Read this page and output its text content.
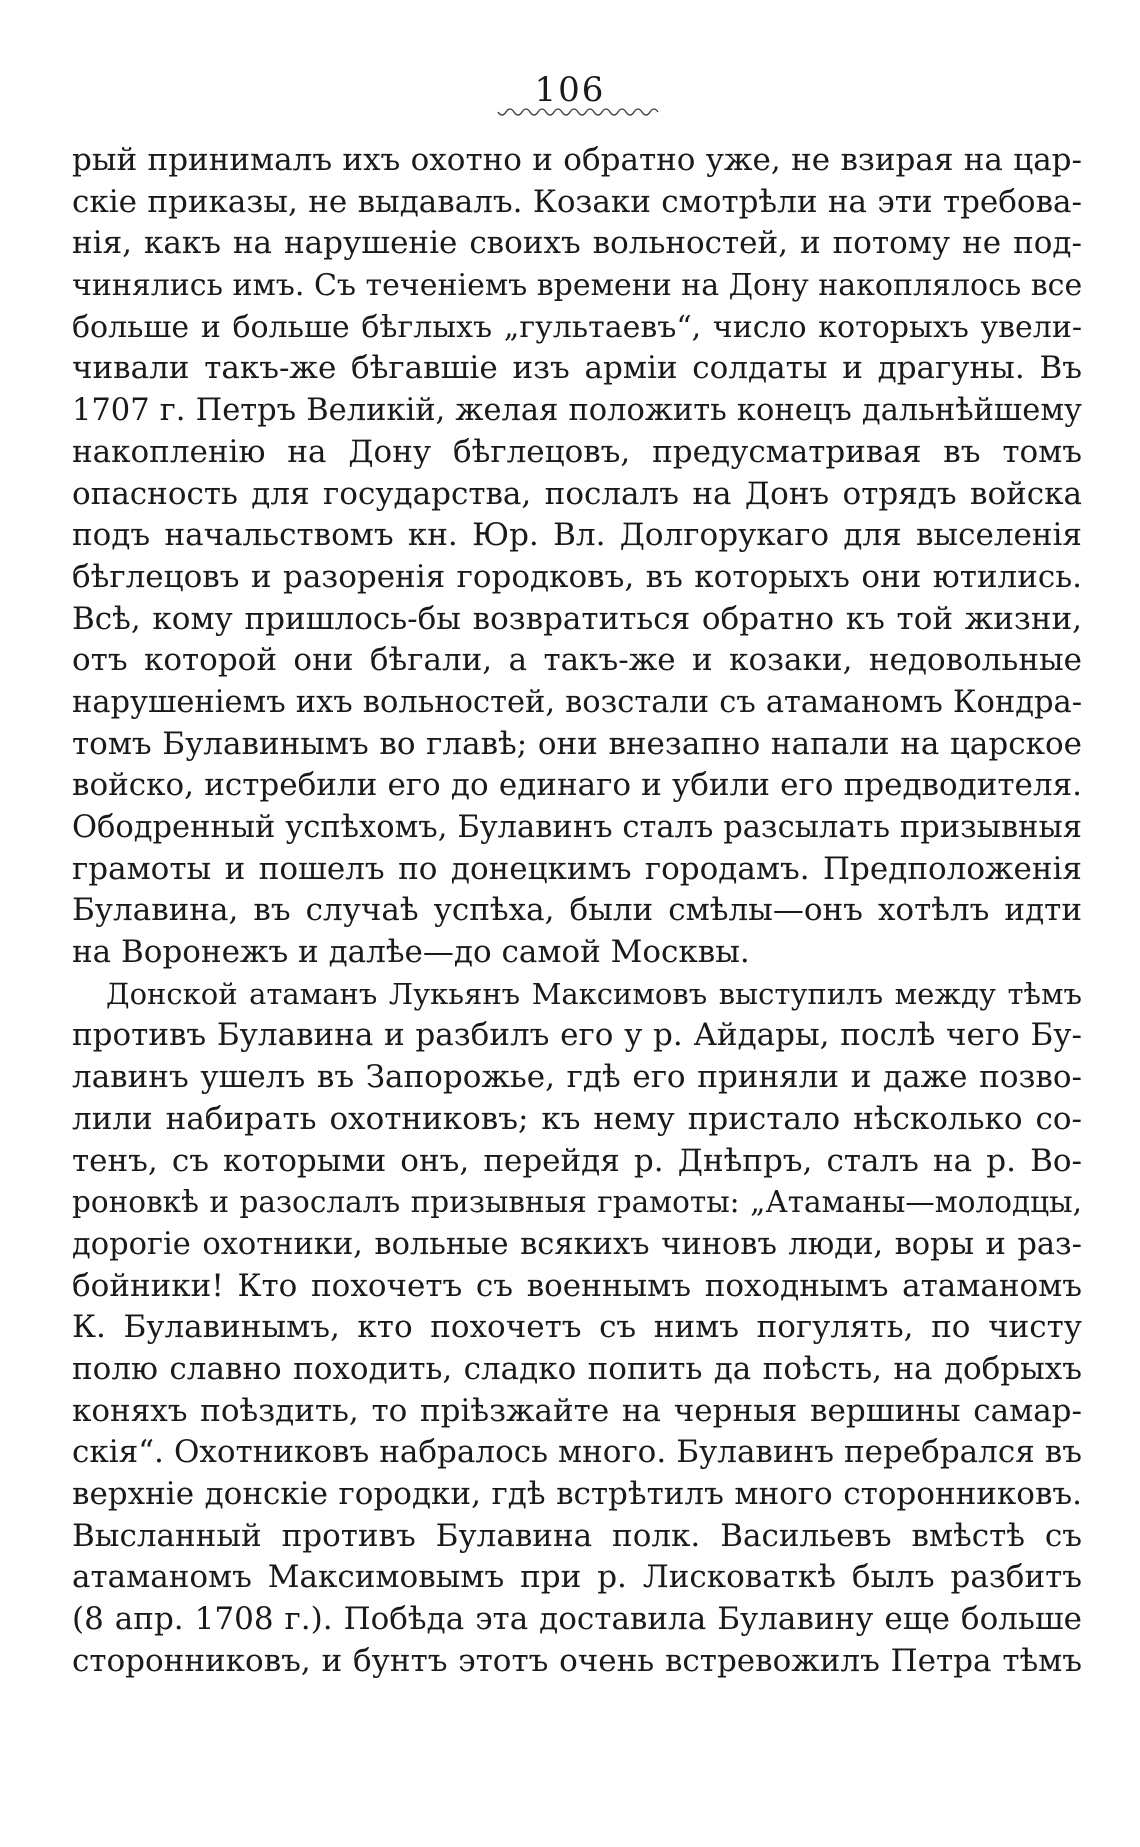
106
рый принималъ ихъ охотно и обратно уже, не взирая на цар-
скіе приказы, не выдавалъ. Козаки смотрѣли на эти требова-
нія, какъ на нарушеніе своихъ вольностей, и потому не под-
чинялись имъ. Съ теченіемъ времени на Дону накоплялось все
больше и больше бѣглыхъ „гультаевъ“, число которыхъ увели-
чивали такъ-же бѣгавшіе изъ арміи солдаты и драгуны. Въ
1707 г. Петръ Великій, желая положить конецъ дальнѣйшему
накопленію на Дону бѣглецовъ, предусматривая въ томъ
опасность для государства, послалъ на Донъ отрядъ войска
подъ начальствомъ кн. Юр. Вл. Долгорукаго для выселенія
бѣглецовъ и разоренія городковъ, въ которыхъ они ютились.
Всѣ, кому пришлось-бы возвратиться обратно къ той жизни,
отъ которой они бѣгали, а такъ-же и козаки, недовольные
нарушеніемъ ихъ вольностей, возстали съ атаманомъ Кондра-
томъ Булавинымъ во главѣ; они внезапно напали на царское
войско, истребили его до единаго и убили его предводителя.
Ободренный успѣхомъ, Булавинъ сталъ разсылать призывныя
грамоты и пошелъ по донецкимъ городамъ. Предположенія
Булавина, въ случаѣ успѣха, были смѣлы—онъ хотѣлъ идти
на Воронежъ и далѣе—до самой Москвы.
Донской атаманъ Лукьянъ Максимовъ выступилъ между тѣмъ
противъ Булавина и разбилъ его у р. Айдары, послѣ чего Бу-
лавинъ ушелъ въ Запорожье, гдѣ его приняли и даже позво-
лили набирать охотниковъ; къ нему пристало нѣсколько со-
тенъ, съ которыми онъ, перейдя р. Днѣпръ, сталъ на р. Во-
роновкѣ и разослалъ призывныя грамоты: „Атаманы—молодцы,
дорогіе охотники, вольные всякихъ чиновъ люди, воры и раз-
бойники! Кто похочетъ съ военнымъ походнымъ атаманомъ
К. Булавинымъ, кто похочетъ съ нимъ погулять, по чисту
полю славно походить, сладко попить да поѣсть, на добрыхъ
коняхъ поѣздить, то пріѣзжайте на черныя вершины самар-
скія“. Охотниковъ набралось много. Булавинъ перебрался въ
верхніе донскіе городки, гдѣ встрѣтилъ много сторонниковъ.
Высланный противъ Булавина полк. Васильевъ вмѣстѣ съ
атаманомъ Максимовымъ при р. Лисковаткѣ былъ разбитъ
(8 апр. 1708 г.). Побѣда эта доставила Булавину еще больше
сторонниковъ, и бунтъ этотъ очень встревожилъ Петра тѣмъ
